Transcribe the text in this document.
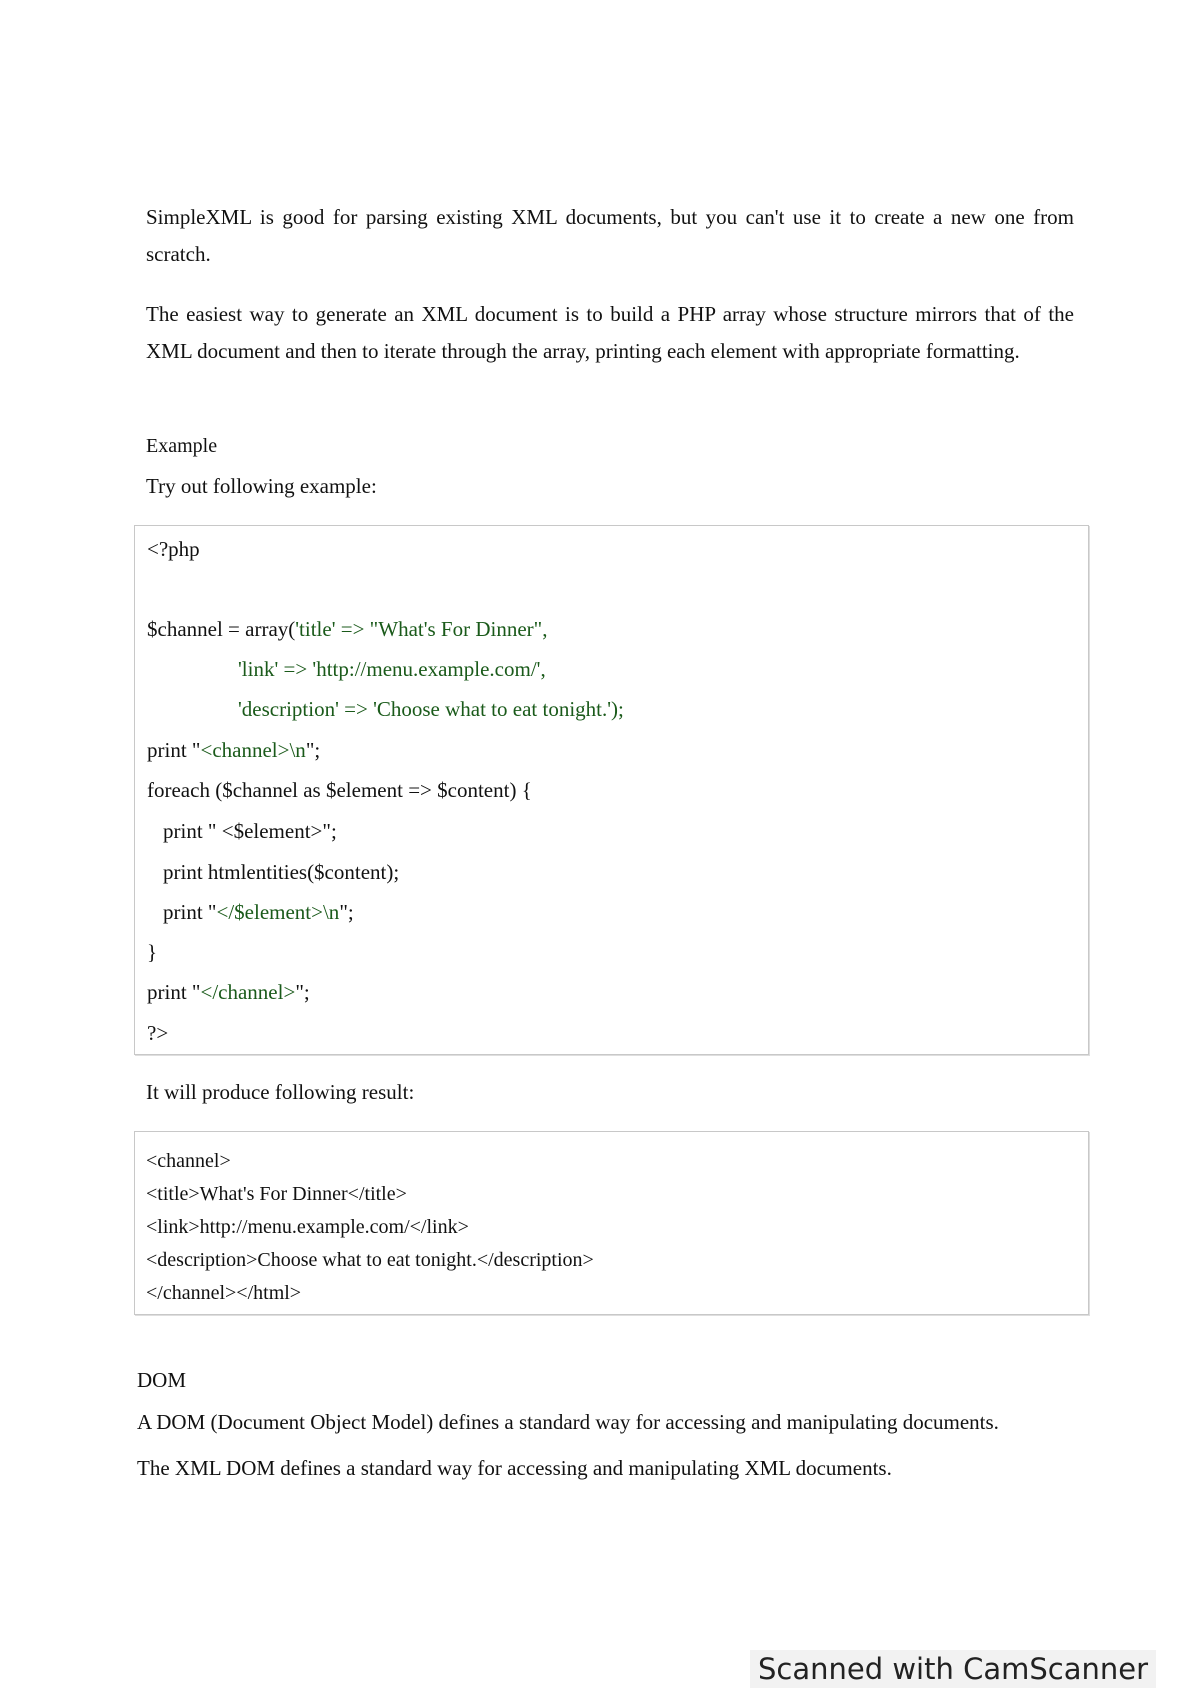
SimpleXML is good for parsing existing XML documents, but you can't use it to create a new one from scratch.

The easiest way to generate an XML document is to build a PHP array whose structure mirrors that of the XML document and then to iterate through the array, printing each element with appropriate formatting.

Example

Try out following example:

<?php
$channel = array('title' => "What's For Dinner",
'link' => 'http://menu.example.com/',
'description' => 'Choose what to eat tonight.');
print "<channel>\n";
foreach ($channel as $element => $content) {
print " <$element>";
print htmlentities($content);
print "</$element>\n";
}
print "</channel>";
?>

It will produce following result:

<channel>
<title>What's For Dinner</title>
<link>http://menu.example.com/</link>
<description>Choose what to eat tonight.</description>
</channel></html>

DOM

A DOM (Document Object Model) defines a standard way for accessing and manipulating documents.

The XML DOM defines a standard way for accessing and manipulating XML documents.

Scanned with CamScanner
